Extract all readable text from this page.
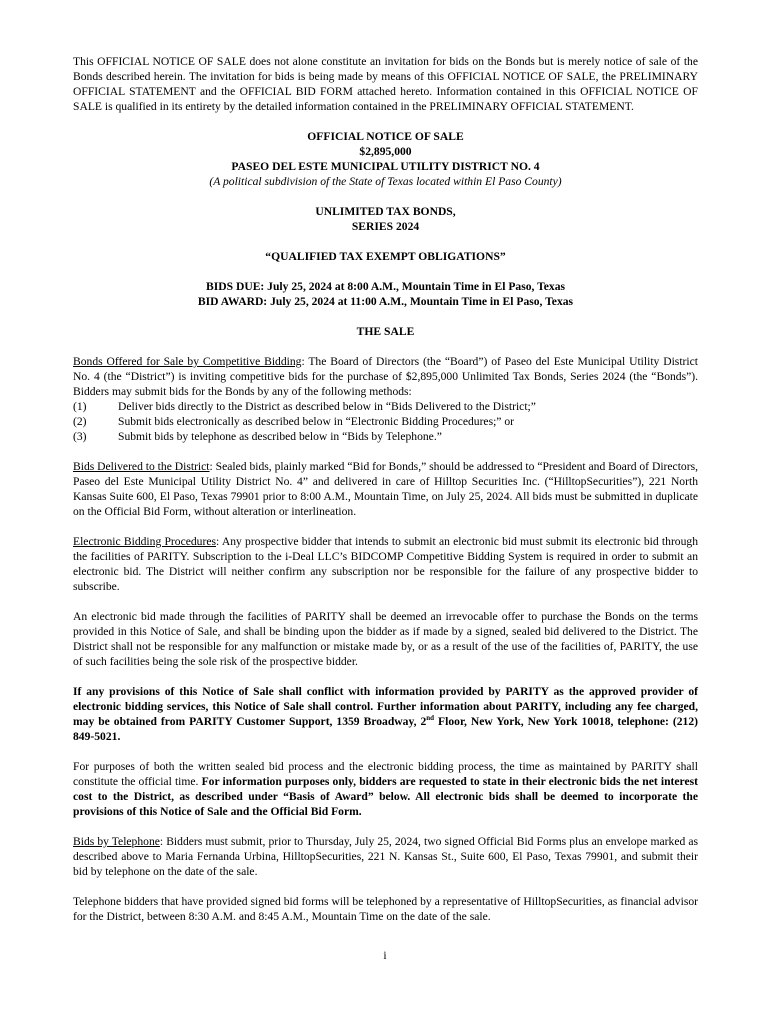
This OFFICIAL NOTICE OF SALE does not alone constitute an invitation for bids on the Bonds but is merely notice of sale of the Bonds described herein. The invitation for bids is being made by means of this OFFICIAL NOTICE OF SALE, the PRELIMINARY OFFICIAL STATEMENT and the OFFICIAL BID FORM attached hereto. Information contained in this OFFICIAL NOTICE OF SALE is qualified in its entirety by the detailed information contained in the PRELIMINARY OFFICIAL STATEMENT.

OFFICIAL NOTICE OF SALE
$2,895,000
PASEO DEL ESTE MUNICIPAL UTILITY DISTRICT NO. 4
(A political subdivision of the State of Texas located within El Paso County)
UNLIMITED TAX BONDS,
SERIES 2024
“QUALIFIED TAX EXEMPT OBLIGATIONS”
BIDS DUE: July 25, 2024 at 8:00 A.M., Mountain Time in El Paso, Texas
BID AWARD: July 25, 2024 at 11:00 A.M., Mountain Time in El Paso, Texas
THE SALE

Bonds Offered for Sale by Competitive Bidding: The Board of Directors (the “Board”) of Paseo del Este Municipal Utility District No. 4 (the “District”) is inviting competitive bids for the purchase of $2,895,000 Unlimited Tax Bonds, Series 2024 (the “Bonds”). Bidders may submit bids for the Bonds by any of the following methods:

(1)	Deliver bids directly to the District as described below in “Bids Delivered to the District;”
(2)	Submit bids electronically as described below in “Electronic Bidding Procedures;” or
(3)	Submit bids by telephone as described below in “Bids by Telephone.”

Bids Delivered to the District: Sealed bids, plainly marked “Bid for Bonds,” should be addressed to “President and Board of Directors, Paseo del Este Municipal Utility District No. 4” and delivered in care of Hilltop Securities Inc. (“HilltopSecurities”), 221 North Kansas Suite 600, El Paso, Texas 79901 prior to 8:00 A.M., Mountain Time, on July 25, 2024. All bids must be submitted in duplicate on the Official Bid Form, without alteration or interlineation.

Electronic Bidding Procedures: Any prospective bidder that intends to submit an electronic bid must submit its electronic bid through the facilities of PARITY. Subscription to the i-Deal LLC’s BIDCOMP Competitive Bidding System is required in order to submit an electronic bid. The District will neither confirm any subscription nor be responsible for the failure of any prospective bidder to subscribe.

An electronic bid made through the facilities of PARITY shall be deemed an irrevocable offer to purchase the Bonds on the terms provided in this Notice of Sale, and shall be binding upon the bidder as if made by a signed, sealed bid delivered to the District. The District shall not be responsible for any malfunction or mistake made by, or as a result of the use of the facilities of, PARITY, the use of such facilities being the sole risk of the prospective bidder.

If any provisions of this Notice of Sale shall conflict with information provided by PARITY as the approved provider of electronic bidding services, this Notice of Sale shall control. Further information about PARITY, including any fee charged, may be obtained from PARITY Customer Support, 1359 Broadway, 2nd Floor, New York, New York 10018, telephone: (212) 849-5021.

For purposes of both the written sealed bid process and the electronic bidding process, the time as maintained by PARITY shall constitute the official time. For information purposes only, bidders are requested to state in their electronic bids the net interest cost to the District, as described under “Basis of Award” below. All electronic bids shall be deemed to incorporate the provisions of this Notice of Sale and the Official Bid Form.

Bids by Telephone: Bidders must submit, prior to Thursday, July 25, 2024, two signed Official Bid Forms plus an envelope marked as described above to Maria Fernanda Urbina, HilltopSecurities, 221 N. Kansas St., Suite 600, El Paso, Texas 79901, and submit their bid by telephone on the date of the sale.

Telephone bidders that have provided signed bid forms will be telephoned by a representative of HilltopSecurities, as financial advisor for the District, between 8:30 A.M. and 8:45 A.M., Mountain Time on the date of the sale.

i
